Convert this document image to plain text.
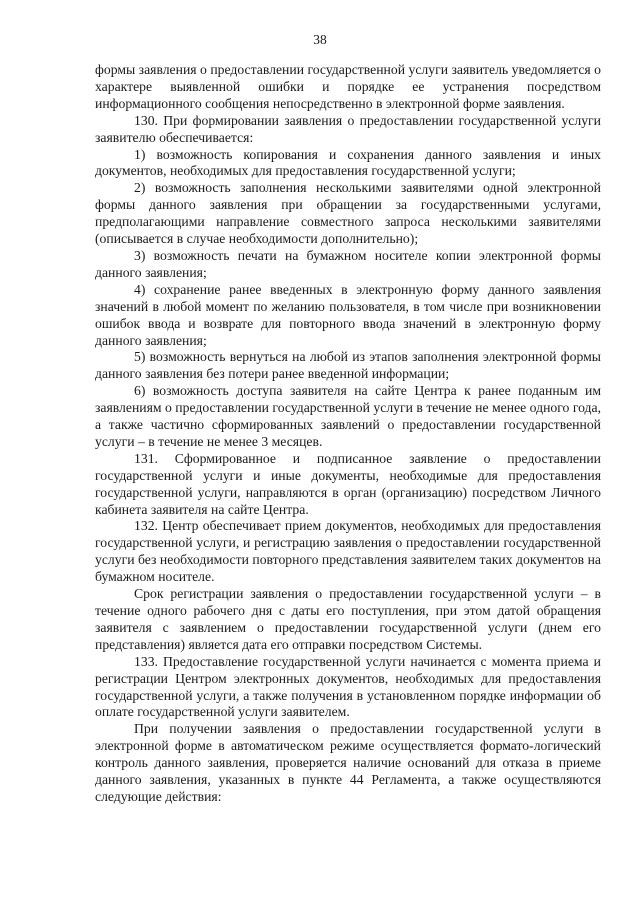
38

формы заявления о предоставлении государственной услуги заявитель уведомляется о характере выявленной ошибки и порядке ее устранения посредством информационного сообщения непосредственно в электронной форме заявления.

130. При формировании заявления о предоставлении государственной услуги заявителю обеспечивается:

1) возможность копирования и сохранения данного заявления и иных документов, необходимых для предоставления государственной услуги;

2) возможность заполнения несколькими заявителями одной электронной формы данного заявления при обращении за государственными услугами, предполагающими направление совместного запроса несколькими заявителями (описывается в случае необходимости дополнительно);

3) возможность печати на бумажном носителе копии электронной формы данного заявления;

4) сохранение ранее введенных в электронную форму данного заявления значений в любой момент по желанию пользователя, в том числе при возникновении ошибок ввода и возврате для повторного ввода значений в электронную форму данного заявления;

5) возможность вернуться на любой из этапов заполнения электронной формы данного заявления без потери ранее введенной информации;

6) возможность доступа заявителя на сайте Центра к ранее поданным им заявлениям о предоставлении государственной услуги в течение не менее одного года, а также частично сформированных заявлений о предоставлении государственной услуги – в течение не менее 3 месяцев.

131. Сформированное и подписанное заявление о предоставлении государственной услуги и иные документы, необходимые для предоставления государственной услуги, направляются в орган (организацию) посредством Личного кабинета заявителя на сайте Центра.

132. Центр обеспечивает прием документов, необходимых для предоставления государственной услуги, и регистрацию заявления о предоставлении государственной услуги без необходимости повторного представления заявителем таких документов на бумажном носителе.

Срок регистрации заявления о предоставлении государственной услуги – в течение одного рабочего дня с даты его поступления, при этом датой обращения заявителя с заявлением о предоставлении государственной услуги (днем его представления) является дата его отправки посредством Системы.

133. Предоставление государственной услуги начинается с момента приема и регистрации Центром электронных документов, необходимых для предоставления государственной услуги, а также получения в установленном порядке информации об оплате государственной услуги заявителем.

При получении заявления о предоставлении государственной услуги в электронной форме в автоматическом режиме осуществляется формато-логический контроль данного заявления, проверяется наличие оснований для отказа в приеме данного заявления, указанных в пункте 44 Регламента, а также осуществляются следующие действия:
